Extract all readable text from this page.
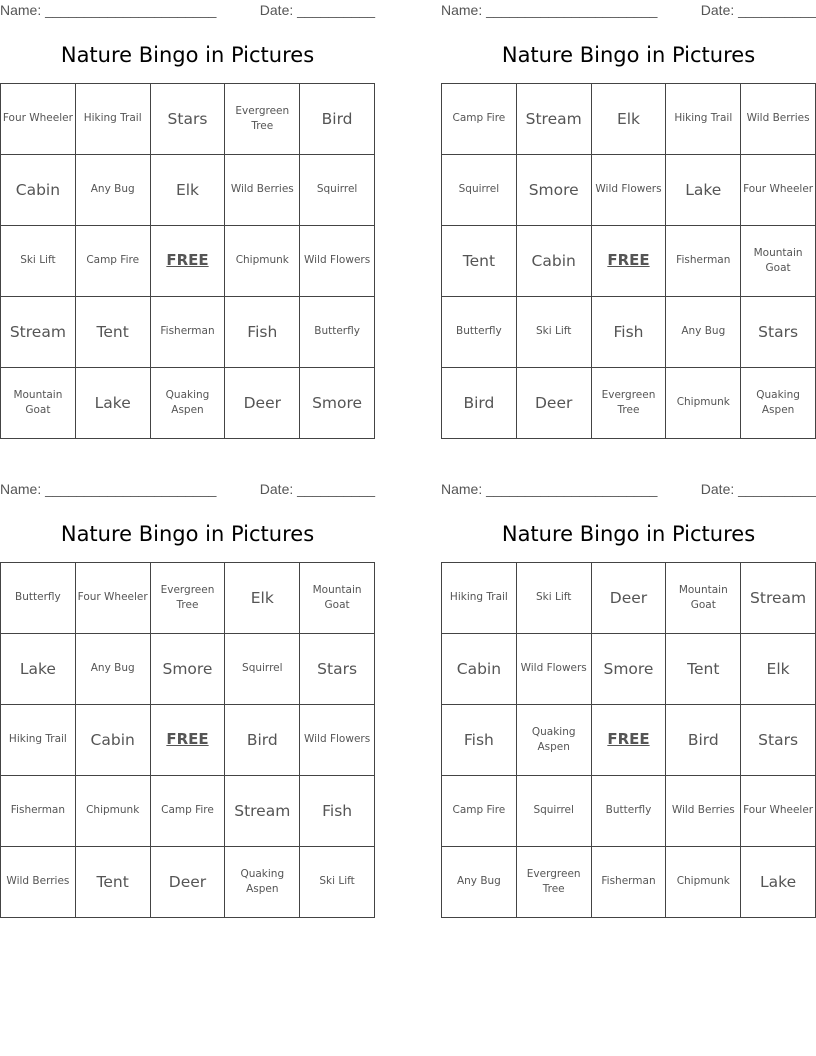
Name: ______________________	Date: __________
Nature Bingo in Pictures
Four Wheeler	Hiking Trail	Stars	Evergreen Tree	Bird
Cabin	Any Bug	Elk	Wild Berries	Squirrel
Ski Lift	Camp Fire	FREE	Chipmunk	Wild Flowers
Stream	Tent	Fisherman	Fish	Butterfly
Mountain Goat	Lake	Quaking Aspen	Deer	Smore
Name: ______________________	Date: __________
Nature Bingo in Pictures
Camp Fire	Stream	Elk	Hiking Trail	Wild Berries
Squirrel	Smore	Wild Flowers	Lake	Four Wheeler
Tent	Cabin	FREE	Fisherman	Mountain Goat
Butterfly	Ski Lift	Fish	Any Bug	Stars
Bird	Deer	Evergreen Tree	Chipmunk	Quaking Aspen
Name: ______________________	Date: __________
Nature Bingo in Pictures
Butterfly	Four Wheeler	Evergreen Tree	Elk	Mountain Goat
Lake	Any Bug	Smore	Squirrel	Stars
Hiking Trail	Cabin	FREE	Bird	Wild Flowers
Fisherman	Chipmunk	Camp Fire	Stream	Fish
Wild Berries	Tent	Deer	Quaking Aspen	Ski Lift
Name: ______________________	Date: __________
Nature Bingo in Pictures
Hiking Trail	Ski Lift	Deer	Mountain Goat	Stream
Cabin	Wild Flowers	Smore	Tent	Elk
Fish	Quaking Aspen	FREE	Bird	Stars
Camp Fire	Squirrel	Butterfly	Wild Berries	Four Wheeler
Any Bug	Evergreen Tree	Fisherman	Chipmunk	Lake
